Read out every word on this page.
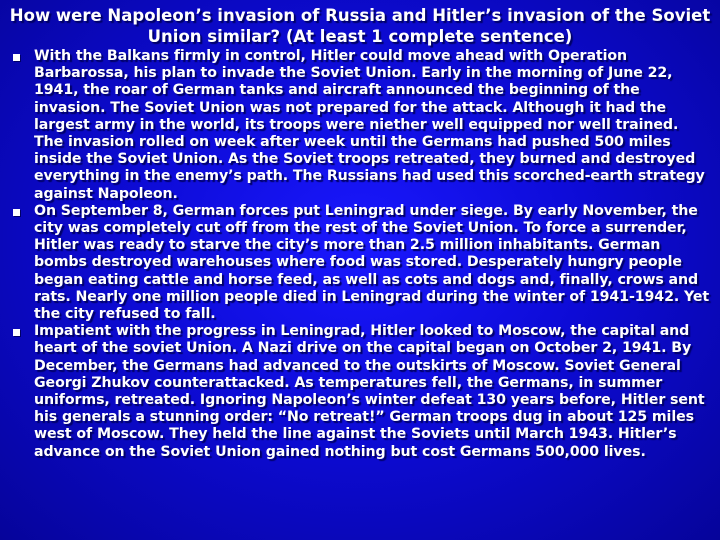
How were Napoleon’s invasion of Russia and Hitler’s invasion of the Soviet Union similar? (At least 1 complete sentence)
With the Balkans firmly in control, Hitler could move ahead with Operation Barbarossa, his plan to invade the Soviet Union. Early in the morning of June 22, 1941, the roar of German tanks and aircraft announced the beginning of the invasion. The Soviet Union was not prepared for the attack. Although it had the largest army in the world, its troops were niether well equipped nor well trained. The invasion rolled on week after week until the Germans had pushed 500 miles inside the Soviet Union. As the Soviet troops retreated, they burned and destroyed everything in the enemy’s path. The Russians had used this scorched-earth strategy against Napoleon.
On September 8, German forces put Leningrad under siege. By early November, the city was completely cut off from the rest of the Soviet Union. To force a surrender, Hitler was ready to starve the city’s more than 2.5 million inhabitants. German bombs destroyed warehouses where food was stored. Desperately hungry people began eating cattle and horse feed, as well as cots and dogs and, finally, crows and rats. Nearly one million people died in Leningrad during the winter of 1941-1942. Yet the city refused to fall.
Impatient with the progress in Leningrad, Hitler looked to Moscow, the capital and heart of the soviet Union. A Nazi drive on the capital began on October 2, 1941. By December, the Germans had advanced to the outskirts of Moscow. Soviet General Georgi Zhukov counterattacked. As temperatures fell, the Germans, in summer uniforms, retreated. Ignoring Napoleon’s winter defeat 130 years before, Hitler sent his generals a stunning order: “No retreat!” German troops dug in about 125 miles west of Moscow. They held the line against the Soviets until March 1943. Hitler’s advance on the Soviet Union gained nothing but cost Germans 500,000 lives.
